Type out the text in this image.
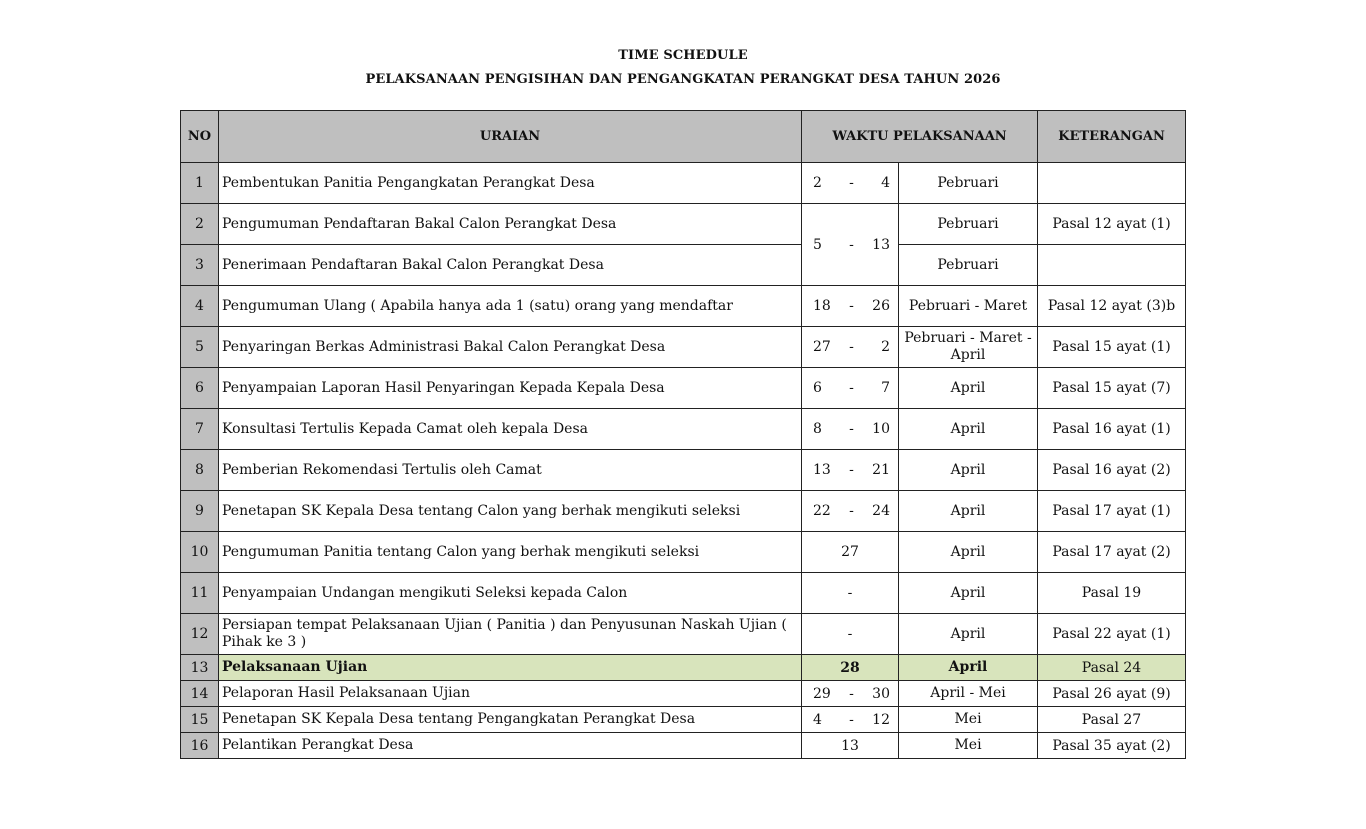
TIME SCHEDULE
PELAKSANAAN PENGISIHAN DAN PENGANGKATAN PERANGKAT DESA TAHUN 2026
NO	URAIAN	WAKTU PELAKSANAAN		KETERANGAN
1	Pembentukan Panitia Pengangkatan Perangkat Desa	2 - 4	Pebruari	
2	Pengumuman Pendaftaran Bakal Calon Perangkat Desa	5 - 13	Pebruari	Pasal 12 ayat (1)
3	Penerimaan Pendaftaran Bakal Calon Perangkat Desa		Pebruari	
4	Pengumuman Ulang ( Apabila hanya ada 1 (satu) orang yang mendaftar	18 - 26	Pebruari - Maret	Pasal 12 ayat (3)b
5	Penyaringan Berkas Administrasi Bakal Calon Perangkat Desa	27 - 2	Pebruari - Maret - April	Pasal 15 ayat (1)
6	Penyampaian Laporan Hasil Penyaringan Kepada Kepala Desa	6 - 7	April	Pasal 15 ayat (7)
7	Konsultasi Tertulis Kepada Camat oleh kepala Desa	8 - 10	April	Pasal 16 ayat (1)
8	Pemberian Rekomendasi Tertulis oleh Camat	13 - 21	April	Pasal 16 ayat (2)
9	Penetapan SK Kepala Desa tentang Calon yang berhak mengikuti seleksi	22 - 24	April	Pasal 17 ayat (1)
10	Pengumuman Panitia tentang Calon yang berhak mengikuti seleksi	27	April	Pasal 17 ayat (2)
11	Penyampaian Undangan mengikuti Seleksi kepada Calon	-	April	Pasal 19
12	Persiapan tempat Pelaksanaan Ujian ( Panitia ) dan Penyusunan Naskah Ujian ( Pihak ke 3 )	-	April	Pasal 22 ayat (1)
13	Pelaksanaan Ujian	28	April	Pasal 24
14	Pelaporan Hasil Pelaksanaan Ujian	29 - 30	April - Mei	Pasal 26 ayat (9)
15	Penetapan SK Kepala Desa tentang Pengangkatan Perangkat Desa	4 - 12	Mei	Pasal 27
16	Pelantikan Perangkat Desa	13	Mei	Pasal 35 ayat (2)
